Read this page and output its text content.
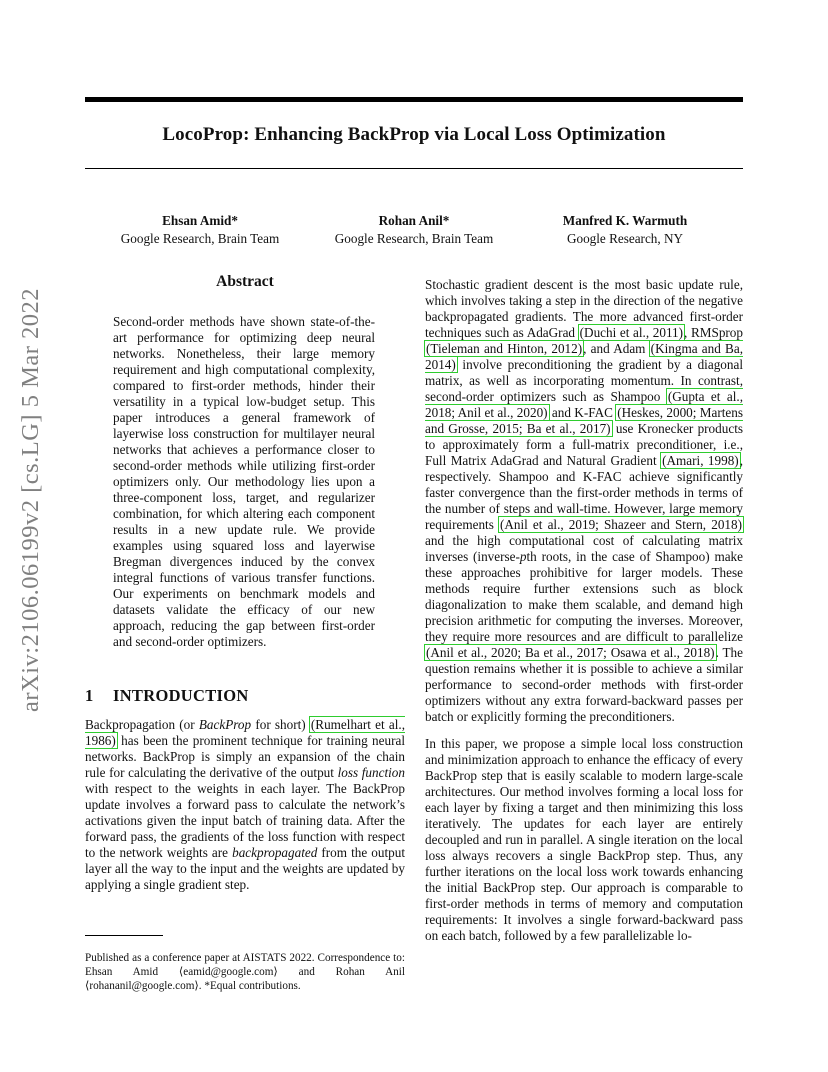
LocoProp: Enhancing BackProp via Local Loss Optimization
Ehsan Amid*
Google Research, Brain Team
Rohan Anil*
Google Research, Brain Team
Manfred K. Warmuth
Google Research, NY
arXiv:2106.06199v2 [cs.LG] 5 Mar 2022
Abstract

Second-order methods have shown state-of-the-art performance for optimizing deep neural networks. Nonetheless, their large memory requirement and high computational complexity, compared to first-order methods, hinder their versatility in a typical low-budget setup. This paper introduces a general framework of layerwise loss construction for multilayer neural networks that achieves a performance closer to second-order methods while utilizing first-order optimizers only. Our methodology lies upon a three-component loss, target, and regularizer combination, for which altering each component results in a new update rule. We provide examples using squared loss and layerwise Bregman divergences induced by the convex integral functions of various transfer functions. Our experiments on benchmark models and datasets validate the efficacy of our new approach, reducing the gap between first-order and second-order optimizers.

1 INTRODUCTION

Backpropagation (or BackProp for short) (Rumelhart et al., 1986) has been the prominent technique for training neural networks. BackProp is simply an expansion of the chain rule for calculating the derivative of the output loss function with respect to the weights in each layer. The BackProp update involves a forward pass to calculate the network’s activations given the input batch of training data. After the forward pass, the gradients of the loss function with respect to the network weights are backpropagated from the output layer all the way to the input and the weights are updated by applying a single gradient step.

Published as a conference paper at AISTATS 2022. Correspondence to: Ehsan Amid ⟨eamid@google.com⟩ and Rohan Anil ⟨rohananil@google.com⟩. *Equal contributions.

Stochastic gradient descent is the most basic update rule, which involves taking a step in the direction of the negative backpropagated gradients. The more advanced first-order techniques such as AdaGrad (Duchi et al., 2011), RMSprop (Tieleman and Hinton, 2012), and Adam (Kingma and Ba, 2014) involve preconditioning the gradient by a diagonal matrix, as well as incorporating momentum. In contrast, second-order optimizers such as Shampoo (Gupta et al., 2018; Anil et al., 2020) and K-FAC (Heskes, 2000; Martens and Grosse, 2015; Ba et al., 2017) use Kronecker products to approximately form a full-matrix preconditioner, i.e., Full Matrix AdaGrad and Natural Gradient (Amari, 1998), respectively. Shampoo and K-FAC achieve significantly faster convergence than the first-order methods in terms of the number of steps and wall-time. However, large memory requirements (Anil et al., 2019; Shazeer and Stern, 2018) and the high computational cost of calculating matrix inverses (inverse-pth roots, in the case of Shampoo) make these approaches prohibitive for larger models. These methods require further extensions such as block diagonalization to make them scalable, and demand high precision arithmetic for computing the inverses. Moreover, they require more resources and are difficult to parallelize (Anil et al., 2020; Ba et al., 2017; Osawa et al., 2018). The question remains whether it is possible to achieve a similar performance to second-order methods with first-order optimizers without any extra forward-backward passes per batch or explicitly forming the preconditioners.

In this paper, we propose a simple local loss construction and minimization approach to enhance the efficacy of every BackProp step that is easily scalable to modern large-scale architectures. Our method involves forming a local loss for each layer by fixing a target and then minimizing this loss iteratively. The updates for each layer are entirely decoupled and run in parallel. A single iteration on the local loss always recovers a single BackProp step. Thus, any further iterations on the local loss work towards enhancing the initial BackProp step. Our approach is comparable to first-order methods in terms of memory and computation requirements: It involves a single forward-backward pass on each batch, followed by a few parallelizable lo-
